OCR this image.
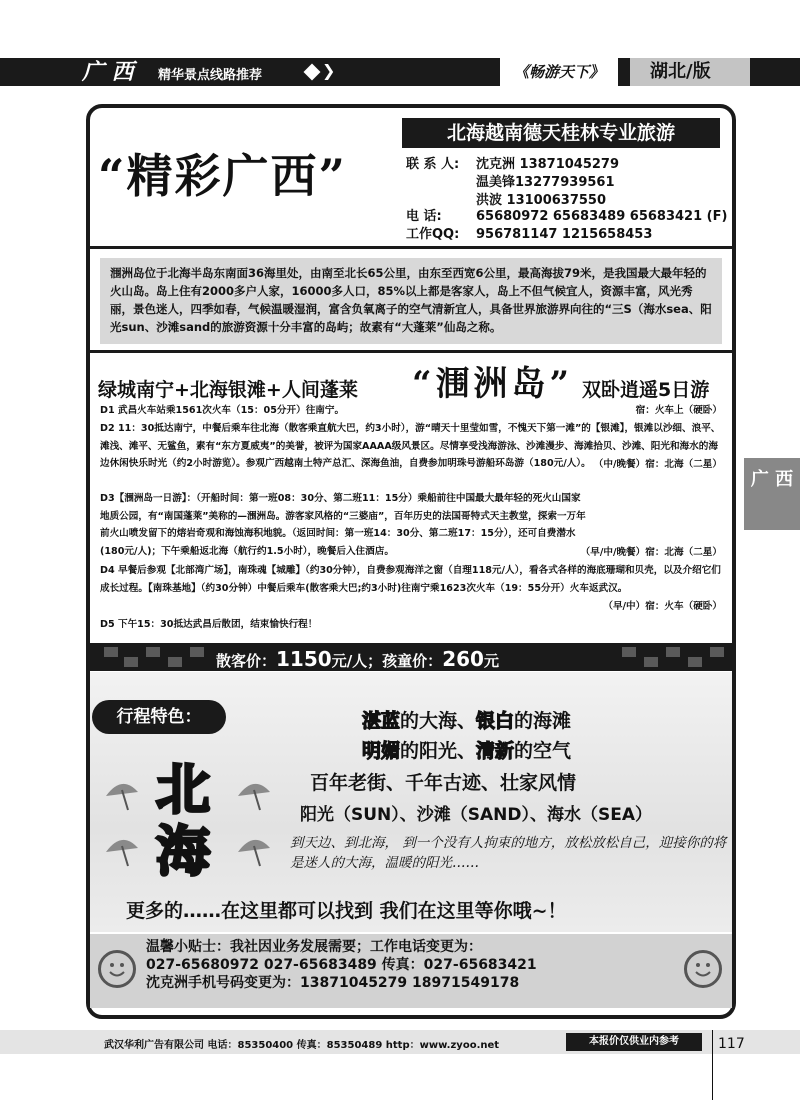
广 西 精华景点线路推荐	❯	《畅游天下》	湖北/版
广 西
“精彩广西”
北海越南德天桂林专业旅游
联 系 人: 沈克洲 13871045279
温美锋13277939561
洪波 13100637550
电 话:	65680972 65683489 65683421 (F)
工作QQ: 956781147 1215658453
涠洲岛位于北海半岛东南面36海里处，由南至北长65公里，由东至西宽6公里，最高海拔79米，是我国最大最年轻的火山岛。岛上住有2000多户人家，16000多人口，85%以上都是客家人，岛上不但气候宜人，资源丰富，风光秀丽，景色迷人，四季如春，气候温暖湿润，富含负氧离子的空气清新宜人，具备世界旅游界向往的“三S（海水sea、阳光sun、沙滩sand的旅游资源十分丰富的岛屿；故素有“大蓬莱”仙岛之称。
绿城南宁+北海银滩+人间蓬莱 “涠洲岛” 双卧逍遥5日游
D1 武昌火车站乘1561次火车（15：05分开）往南宁。	宿：火车上（硬卧）
D2 11：30抵达南宁，中餐后乘车往北海（散客乘直航大巴，约3小时），游“晴天十里莹如雪，不愧天下第一滩”的【银滩】，银滩以沙细、浪平、滩浅、滩平、无鲨鱼，素有“东方夏威夷”的美誉，被评为国家AAAA级风景区。尽情享受浅海游泳、沙滩漫步、海滩拾贝、沙滩、阳光和海水的海边休闲快乐时光（约2小时游览）。参观广西越南土特产总汇、深海鱼油，自费参加明珠号游船环岛游（180元/人）。 （中/晚餐）宿：北海（二星）
D3【涠洲岛一日游】：（开船时间：第一班08：30分、第二班11：15分）乘船前往中国最大最年轻的死火山国家地质公园，有“南国蓬莱”美称的—涠洲岛。游客家风格的“三婆庙”，百年历史的法国哥特式天主教堂，探索一万年前火山喷发留下的熔岩奇观和海蚀海积地貌。（返回时间：第一班14：30分、第二班17：15分），还可自费潜水(180元/人)；下午乘船返北海（航行约1.5小时），晚餐后入住酒店。	（早/中/晚餐）宿：北海（二星）
D4 早餐后参观【北部湾广场】，南珠魂【城雕】（约30分钟），自费参观海洋之窗（自理118元/人），看各式各样的海底珊瑚和贝壳，以及介绍它们成长过程。【南珠基地】（约30分钟）中餐后乘车(散客乘大巴;约3小时)往南宁乘1623次火车（19：55分开）火车返武汉。
（早/中）宿：火车（硬卧）
D5 下午15：30抵达武昌后散团，结束愉快行程！
散客价：1150元/人；孩童价：260元
行程特色：	湛蓝的大海、银白的海滩
明媚的阳光、清新的空气
百年老街、千年古迹、壮家风情
阳光（SUN）、沙滩（SAND）、海水（SEA）
北
海	到天边、到北海， 到一个没有人拘束的地方，放松放松自己，迎接你的将是迷人的大海，温暖的阳光……
更多的……在这里都可以找到 我们在这里等你哦~！
温馨小贴士：我社因业务发展需要；工作电话变更为：
027-65680972 027-65683489 传真：027-65683421
沈克洲手机号码变更为：13871045279 18971549178
武汉华利广告有限公司 电话：85350400 传真：85350489 http：www.zyoo.net	本报价仅供业内参考	117
